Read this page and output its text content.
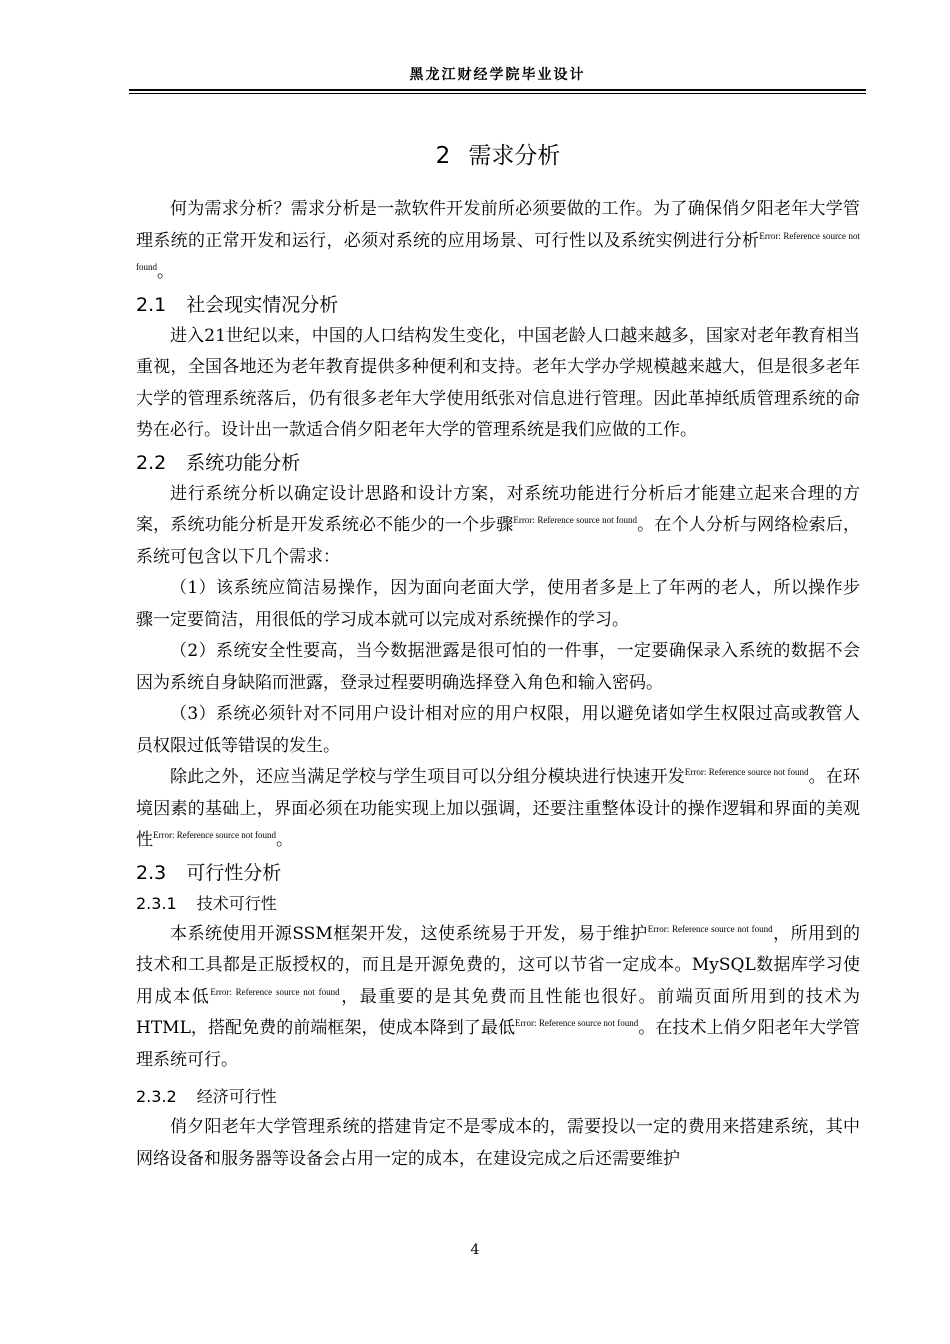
黑龙江财经学院毕业设计
2 需求分析

何为需求分析？需求分析是一款软件开发前所必须要做的工作。为了确保俏夕阳老年大学管理系统的正常开发和运行，必须对系统的应用场景、可行性以及系统实例进行分析$^{Error: Reference source not found}$。

2.1 社会现实情况分析

进入21世纪以来，中国的人口结构发生变化，中国老龄人口越来越多，国家对老年教育相当重视，全国各地还为老年教育提供多种便利和支持。老年大学办学规模越来越大，但是很多老年大学的管理系统落后，仍有很多老年大学使用纸张对信息进行管理。因此革掉纸质管理系统的命势在必行。设计出一款适合俏夕阳老年大学的管理系统是我们应做的工作。

2.2 系统功能分析

进行系统分析以确定设计思路和设计方案，对系统功能进行分析后才能建立起来合理的方案，系统功能分析是开发系统必不能少的一个步骤$^{Error: Reference source not found}$。在个人分析与网络检索后，系统可包含以下几个需求：

（1）该系统应简洁易操作，因为面向老面大学，使用者多是上了年两的老人，所以操作步骤一定要简洁，用很低的学习成本就可以完成对系统操作的学习。

（2）系统安全性要高，当今数据泄露是很可怕的一件事，一定要确保录入系统的数据不会因为系统自身缺陷而泄露，登录过程要明确选择登入角色和输入密码。

（3）系统必须针对不同用户设计相对应的用户权限，用以避免诸如学生权限过高或教管人员权限过低等错误的发生。

除此之外，还应当满足学校与学生项目可以分组分模块进行快速开发$^{Error: Reference source not found}$。在环境因素的基础上，界面必须在功能实现上加以强调，还要注重整体设计的操作逻辑和界面的美观性$^{Error: Reference source not found}$。

2.3 可行性分析
2.3.1 技术可行性

本系统使用开源SSM框架开发，这使系统易于开发，易于维护$^{Error: Reference source not found}$，所用到的技术和工具都是正版授权的，而且是开源免费的，这可以节省一定成本。MySQL数据库学习使用成本低$^{Error: Reference source not found}$，最重要的是其免费而且性能也很好。前端页面所用到的技术为HTML，搭配免费的前端框架，使成本降到了最低$^{Error: Reference source not found}$。在技术上俏夕阳老年大学管理系统可行。

2.3.2 经济可行性

俏夕阳老年大学管理系统的搭建肯定不是零成本的，需要投以一定的费用来搭建系统，其中网络设备和服务器等设备会占用一定的成本，在建设完成之后还需要维护

4
